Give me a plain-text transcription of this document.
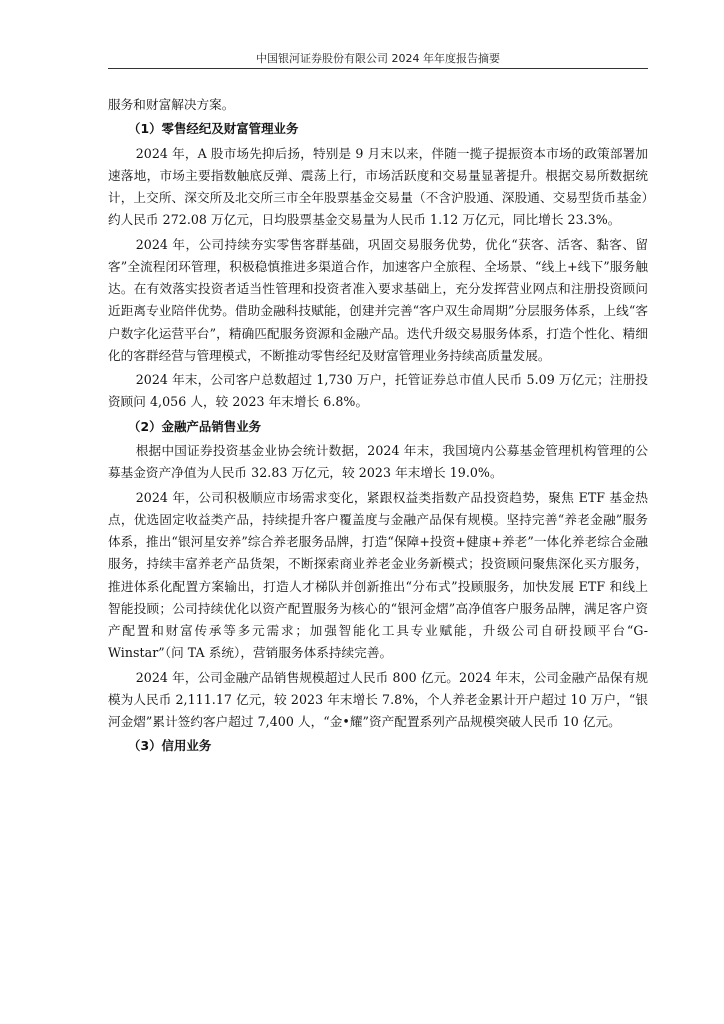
中国银河证券股份有限公司 2024 年年度报告摘要

服务和财富解决方案。

（1）零售经纪及财富管理业务

2024 年，A 股市场先抑后扬，特别是 9 月末以来，伴随一揽子提振资本市场的政策部署加速落地，市场主要指数触底反弹、震荡上行，市场活跃度和交易量显著提升。根据交易所数据统计，上交所、深交所及北交所三市全年股票基金交易量（不含沪股通、深股通、交易型货币基金）约人民币 272.08 万亿元，日均股票基金交易量为人民币 1.12 万亿元，同比增长 23.3%。

2024 年，公司持续夯实零售客群基础，巩固交易服务优势，优化“获客、活客、黏客、留客”全流程闭环管理，积极稳慎推进多渠道合作，加速客户全旅程、全场景、“线上+线下”服务触达。在有效落实投资者适当性管理和投资者准入要求基础上，充分发挥营业网点和注册投资顾问近距离专业陪伴优势。借助金融科技赋能，创建并完善“客户双生命周期”分层服务体系，上线“客户数字化运营平台”，精确匹配服务资源和金融产品。迭代升级交易服务体系，打造个性化、精细化的客群经营与管理模式，不断推动零售经纪及财富管理业务持续高质量发展。

2024 年末，公司客户总数超过 1,730 万户，托管证券总市值人民币 5.09 万亿元；注册投资顾问 4,056 人，较 2023 年末增长 6.8%。

（2）金融产品销售业务

根据中国证券投资基金业协会统计数据，2024 年末，我国境内公募基金管理机构管理的公募基金资产净值为人民币 32.83 万亿元，较 2023 年末增长 19.0%。

2024 年，公司积极顺应市场需求变化，紧跟权益类指数产品投资趋势，聚焦 ETF 基金热点，优选固定收益类产品，持续提升客户覆盖度与金融产品保有规模。坚持完善“养老金融”服务体系，推出“银河星安养”综合养老服务品牌，打造“保障+投资+健康+养老”一体化养老综合金融服务，持续丰富养老产品货架，不断探索商业养老金业务新模式；投资顾问聚焦深化买方服务，推进体系化配置方案输出，打造人才梯队并创新推出“分布式”投顾服务，加快发展 ETF 和线上智能投顾；公司持续优化以资产配置服务为核心的“银河金熠”高净值客户服务品牌，满足客户资产配置和财富传承等多元需求；加强智能化工具专业赋能，升级公司自研投顾平台“G-Winstar”（问 TA 系统），营销服务体系持续完善。

2024 年，公司金融产品销售规模超过人民币 800 亿元。2024 年末，公司金融产品保有规模为人民币 2,111.17 亿元，较 2023 年末增长 7.8%，个人养老金累计开户超过 10 万户，“银河金熠”累计签约客户超过 7,400 人，“金•耀”资产配置系列产品规模突破人民币 10 亿元。

（3）信用业务
